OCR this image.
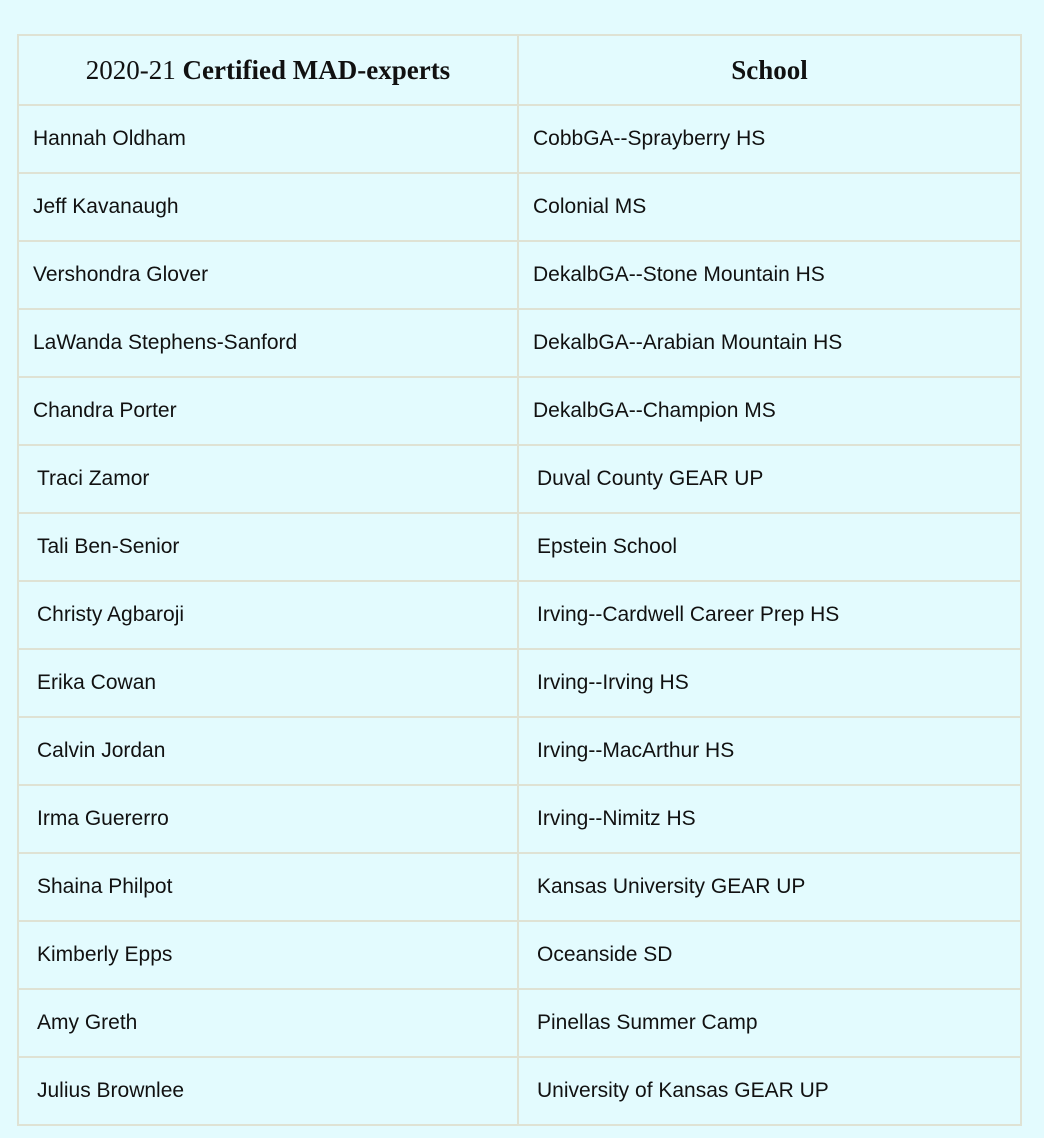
2020-21 Certified MAD-experts	School
Hannah Oldham	CobbGA--Sprayberry HS
Jeff Kavanaugh	Colonial MS
Vershondra Glover	DekalbGA--Stone Mountain HS
LaWanda Stephens-Sanford	DekalbGA--Arabian Mountain HS
Chandra Porter	DekalbGA--Champion MS
Traci Zamor	Duval County GEAR UP
Tali Ben-Senior	Epstein School
Christy Agbaroji	Irving--Cardwell Career Prep HS
Erika Cowan	Irving--Irving HS
Calvin Jordan	Irving--MacArthur HS
Irma Guererro	Irving--Nimitz HS
Shaina Philpot	Kansas University GEAR UP
Kimberly Epps	Oceanside SD
Amy Greth	Pinellas Summer Camp
Julius Brownlee	University of Kansas GEAR UP
